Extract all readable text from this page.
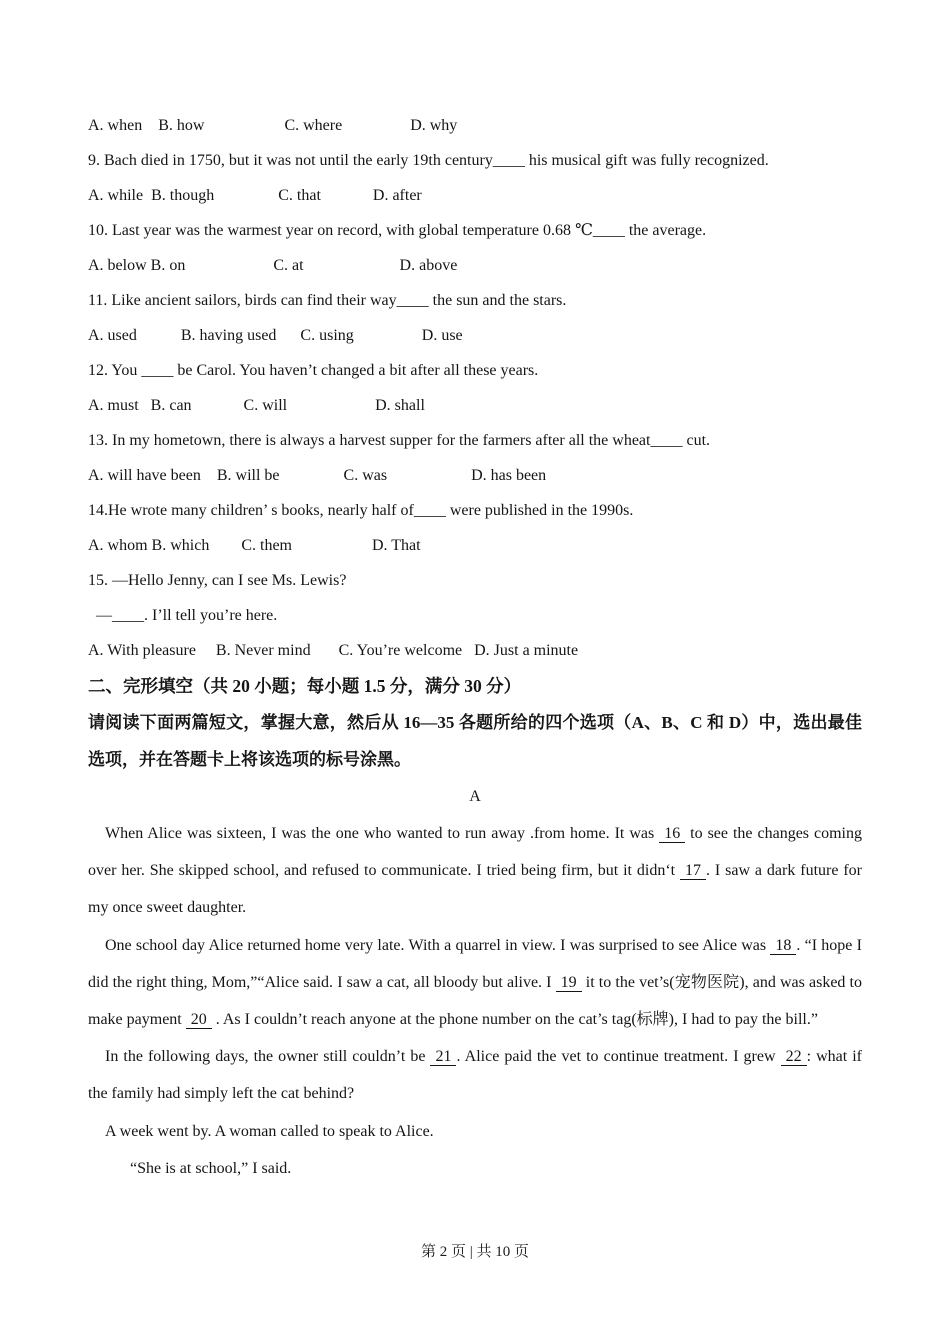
A. when    B. how                    C. where                 D. why

9. Bach died in 1750, but it was not until the early 19th century____ his musical gift was fully recognized.

A. while  B. though                C. that             D. after

10. Last year was the warmest year on record, with global temperature 0.68 ℃____ the average.

A. below B. on                      C. at                        D. above

11. Like ancient sailors, birds can find their way____ the sun and the stars.

A. used           B. having used      C. using                 D. use

12. You ____ be Carol. You haven’t changed a bit after all these years.

A. must   B. can             C. will                      D. shall

13. In my hometown, there is always a harvest supper for the farmers after all the wheat____ cut.

A. will have been    B. will be                C. was                     D. has been

14.He wrote many children’ s books, nearly half of____ were published in the 1990s.

A. whom B. which        C. them                    D. That

15. —Hello Jenny, can I see Ms. Lewis?

—____. I’ll tell you’re here.

A. With pleasure     B. Never mind       C. You’re welcome   D. Just a minute

二、完形填空（共 20 小题；每小题 1.5 分，满分 30 分）

请阅读下面两篇短文，掌握大意，然后从 16—35 各题所给的四个选项（A、B、C 和 D）中，选出最佳选项，并在答题卡上将该选项的标号涂黑。

A

When Alice was sixteen, I was the one who wanted to run away .from home. It was 16 to see the changes coming over her. She skipped school, and refused to communicate. I tried being firm, but it didn‘t 17 . I saw a dark future for my once sweet daughter.

One school day Alice returned home very late. With a quarrel in view. I was surprised to see Alice was 18 . “I hope I did the right thing, Mom,”“Alice said. I saw a cat, all bloody but alive. I 19 it to the vet’s(宠物医院), and was asked to make payment 20 . As I couldn’t reach anyone at the phone number on the cat’s tag(标牌), I had to pay the bill.”

In the following days, the owner still couldn’t be 21 . Alice paid the vet to continue treatment. I grew 22 : what if the family had simply left the cat behind?

A week went by. A woman called to speak to Alice.

“She is at school,” I said.

第 2 页 | 共 10 页
